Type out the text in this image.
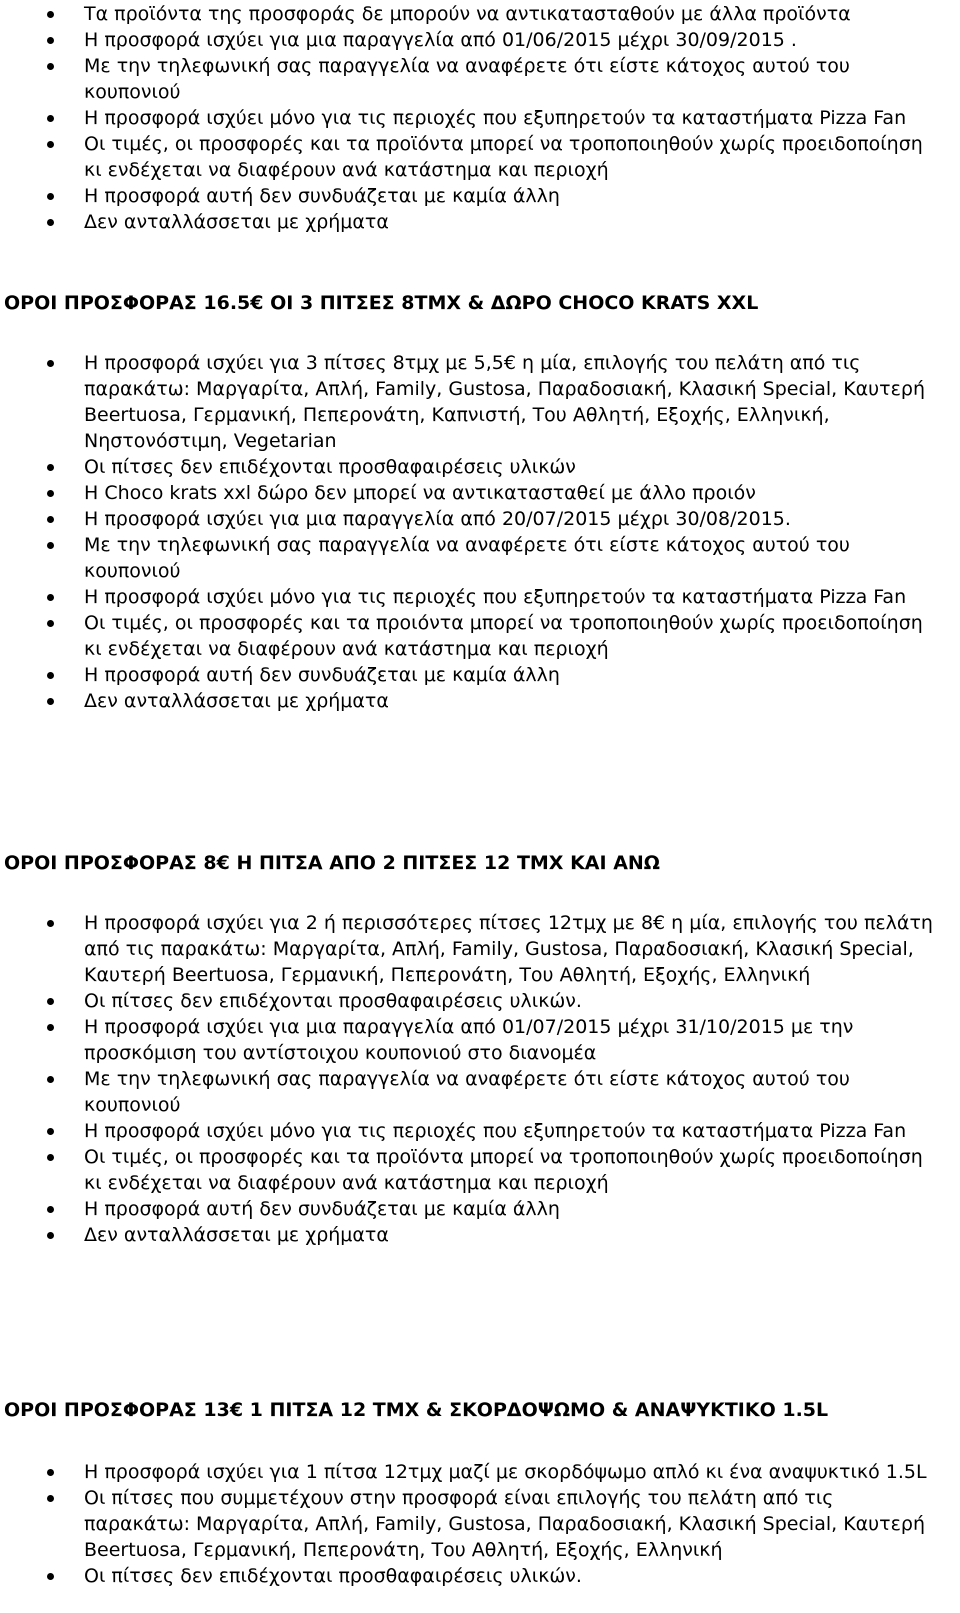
Τα προϊόντα της προσφοράς δε μπορούν να αντικατασταθούν με άλλα προϊόντα
Η προσφορά ισχύει για μια παραγγελία από 01/06/2015 μέχρι 30/09/2015 .
Με την τηλεφωνική σας παραγγελία να αναφέρετε ότι είστε κάτοχος αυτού του κουπονιού
Η προσφορά ισχύει μόνο για τις περιοχές που εξυπηρετούν τα καταστήματα Pizza Fan
Οι τιμές, οι προσφορές και τα προϊόντα μπορεί να τροποποιηθούν χωρίς προειδοποίηση κι ενδέχεται να διαφέρουν ανά κατάστημα και περιοχή
Η προσφορά αυτή δεν συνδυάζεται με καμία άλλη
Δεν ανταλλάσσεται με χρήματα
ΟΡΟΙ ΠΡΟΣΦΟΡΑΣ 16.5€ ΟΙ 3 ΠΙΤΣΕΣ 8ΤΜΧ & ΔΩΡΟ CHOCO KRATS XXL
Η προσφορά ισχύει για 3 πίτσες 8τμχ με 5,5€ η μία, επιλογής του πελάτη από τις παρακάτω: Μαργαρίτα, Απλή, Family, Gustosa, Παραδοσιακή, Κλασική Special, Καυτερή Beertuosa, Γερμανική, Πεπερονάτη, Καπνιστή, Του Αθλητή, Εξοχής, Ελληνική, Νηστονόστιμη, Vegetarian
Οι πίτσες δεν επιδέχονται προσθαφαιρέσεις υλικών
Η Choco krats xxl δώρο δεν μπορεί να αντικατασταθεί με άλλο προιόν
Η προσφορά ισχύει για μια παραγγελία από 20/07/2015 μέχρι 30/08/2015.
Με την τηλεφωνική σας παραγγελία να αναφέρετε ότι είστε κάτοχος αυτού του κουπονιού
Η προσφορά ισχύει μόνο για τις περιοχές που εξυπηρετούν τα καταστήματα Pizza Fan
Οι τιμές, οι προσφορές και τα προιόντα μπορεί να τροποποιηθούν χωρίς προειδοποίηση κι ενδέχεται να διαφέρουν ανά κατάστημα και περιοχή
Η προσφορά αυτή δεν συνδυάζεται με καμία άλλη
Δεν ανταλλάσσεται με χρήματα
ΟΡΟΙ ΠΡΟΣΦΟΡΑΣ 8€ Η ΠΙΤΣΑ ΑΠΟ 2 ΠΙΤΣΕΣ 12 ΤΜΧ ΚΑΙ ΑΝΩ
Η προσφορά ισχύει για 2 ή περισσότερες πίτσες 12τμχ με 8€ η μία, επιλογής του πελάτη από τις παρακάτω: Μαργαρίτα, Απλή, Family, Gustosa, Παραδοσιακή, Κλασική Special, Καυτερή Beertuosa, Γερμανική, Πεπερονάτη, Του Αθλητή, Εξοχής, Ελληνική
Οι πίτσες δεν επιδέχονται προσθαφαιρέσεις υλικών.
Η προσφορά ισχύει για μια παραγγελία από 01/07/2015 μέχρι 31/10/2015 με την προσκόμιση του αντίστοιχου κουπονιού στο διανομέα
Με την τηλεφωνική σας παραγγελία να αναφέρετε ότι είστε κάτοχος αυτού του κουπονιού
Η προσφορά ισχύει μόνο για τις περιοχές που εξυπηρετούν τα καταστήματα Pizza Fan
Οι τιμές, οι προσφορές και τα προϊόντα μπορεί να τροποποιηθούν χωρίς προειδοποίηση κι ενδέχεται να διαφέρουν ανά κατάστημα και περιοχή
Η προσφορά αυτή δεν συνδυάζεται με καμία άλλη
Δεν ανταλλάσσεται με χρήματα
ΟΡΟΙ ΠΡΟΣΦΟΡΑΣ 13€ 1 ΠΙΤΣΑ 12 ΤΜΧ & ΣΚΟΡΔΟΨΩΜΟ & ΑΝΑΨΥΚΤΙΚΟ 1.5L
Η προσφορά ισχύει για 1 πίτσα 12τμχ μαζί με σκορδόψωμο απλό κι ένα αναψυκτικό 1.5L
Οι πίτσες που συμμετέχουν στην προσφορά είναι επιλογής του πελάτη από τις παρακάτω: Μαργαρίτα, Απλή, Family, Gustosa, Παραδοσιακή, Κλασική Special, Καυτερή Beertuosa, Γερμανική, Πεπερονάτη, Του Αθλητή, Εξοχής, Ελληνική
Οι πίτσες δεν επιδέχονται προσθαφαιρέσεις υλικών.
